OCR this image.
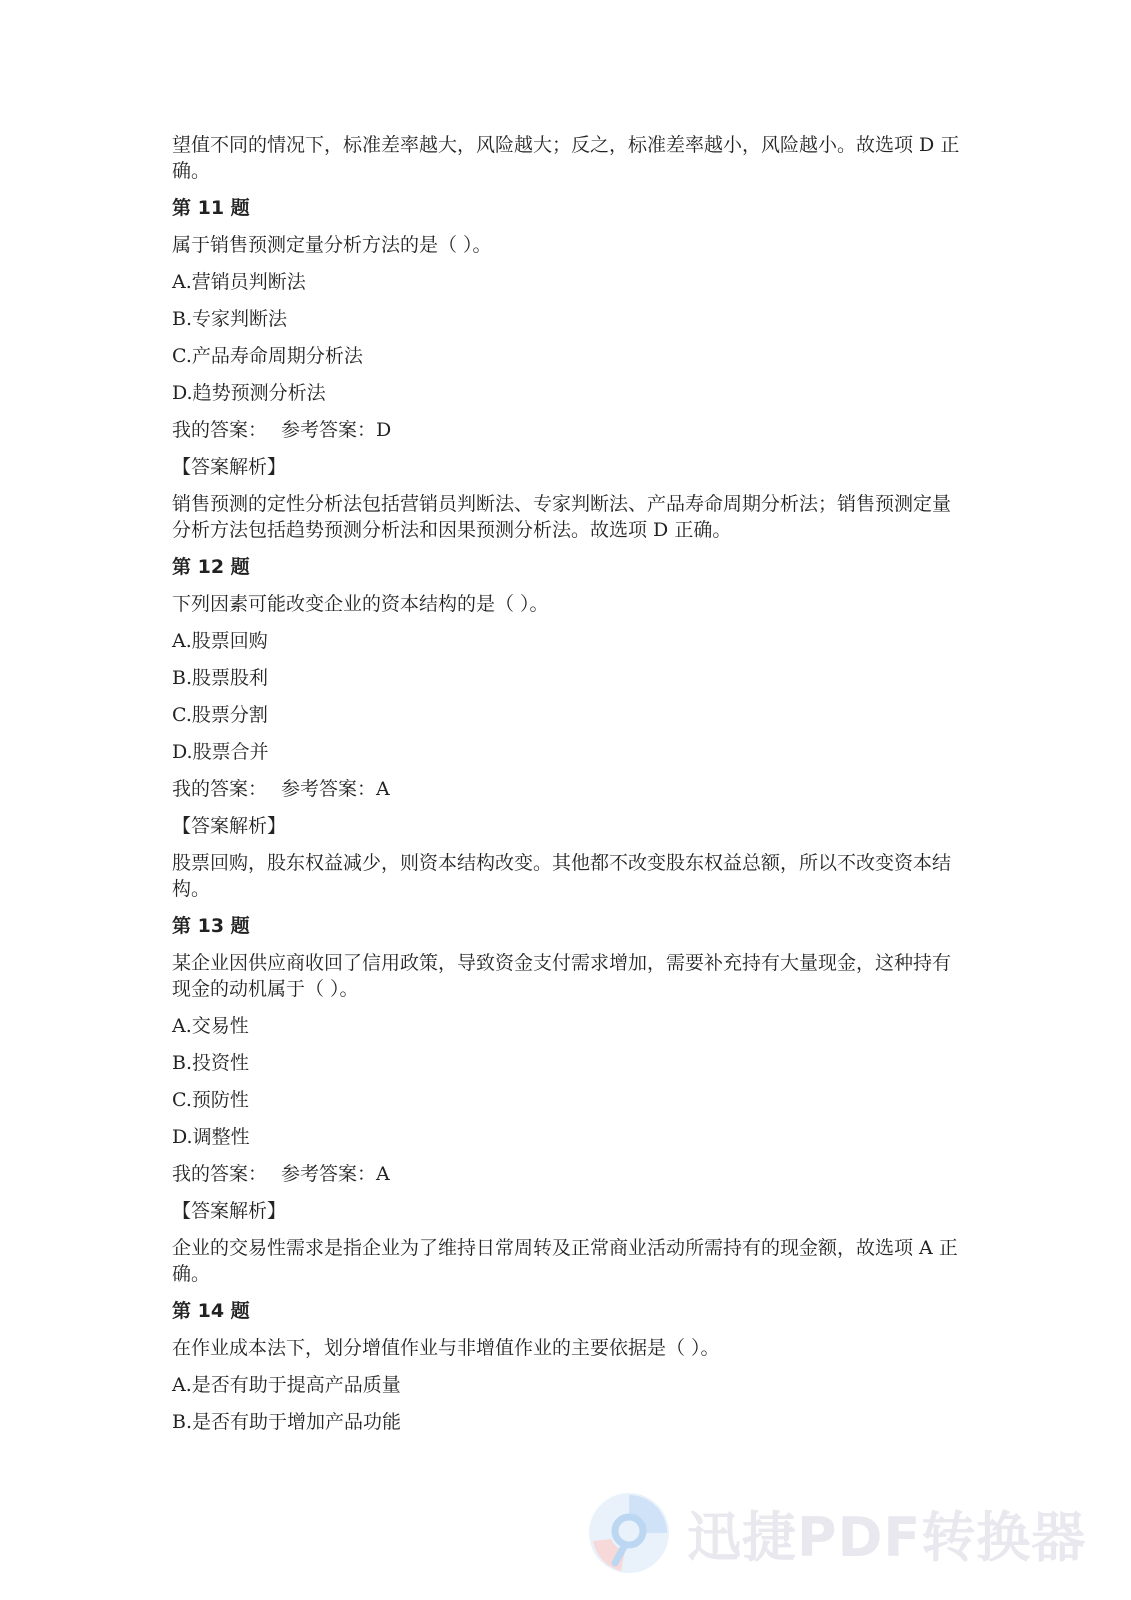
望值不同的情况下，标准差率越大，风险越大；反之，标准差率越小，风险越小。故选项 D 正确。
第 11 题
属于销售预测定量分析方法的是（ ）。
A.营销员判断法
B.专家判断法
C.产品寿命周期分析法
D.趋势预测分析法
我的答案： 参考答案：D
【答案解析】
销售预测的定性分析法包括营销员判断法、专家判断法、产品寿命周期分析法；销售预测定量分析方法包括趋势预测分析法和因果预测分析法。故选项 D 正确。
第 12 题
下列因素可能改变企业的资本结构的是（ ）。
A.股票回购
B.股票股利
C.股票分割
D.股票合并
我的答案： 参考答案：A
【答案解析】
股票回购，股东权益减少，则资本结构改变。其他都不改变股东权益总额，所以不改变资本结构。
第 13 题
某企业因供应商收回了信用政策，导致资金支付需求增加，需要补充持有大量现金，这种持有现金的动机属于（ ）。
A.交易性
B.投资性
C.预防性
D.调整性
我的答案： 参考答案：A
【答案解析】
企业的交易性需求是指企业为了维持日常周转及正常商业活动所需持有的现金额，故选项 A 正确。
第 14 题
在作业成本法下，划分增值作业与非增值作业的主要依据是（ ）。
A.是否有助于提高产品质量
B.是否有助于增加产品功能
迅捷PDF转换器
